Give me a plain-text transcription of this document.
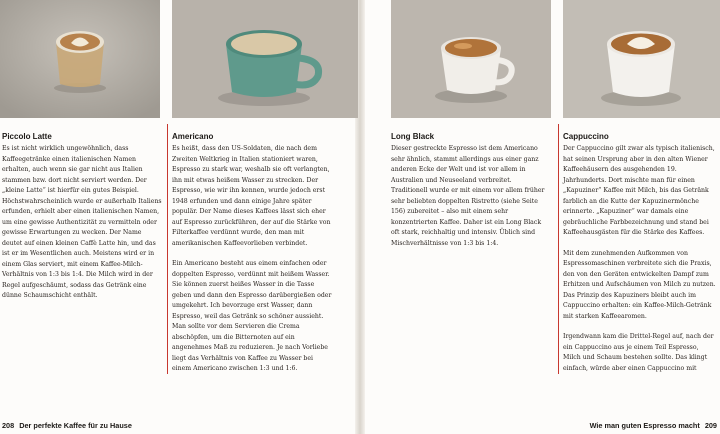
Piccolo Latte

Es ist nicht wirklich ungewöhnlich, dass Kaffeegetränke einen italienischen Namen erhalten, auch wenn sie gar nicht aus Italien stammen bzw. dort nicht serviert werden. Der „kleine Latte“ ist hierfür ein gutes Beispiel. Höchstwahrscheinlich wurde er außerhalb Italiens erfunden, erhielt aber einen italienischen Namen, um eine gewisse Authentizität zu vermitteln oder gewisse Erwartungen zu wecken. Der Name deutet auf einen kleinen Caffè Latte hin, und das ist er im Wesentlichen auch. Meistens wird er in einem Glas serviert, mit einem Kaffee-Milch-Verhältnis von 1:3 bis 1:4. Die Milch wird in der Regel aufgeschäumt, sodass das Getränk eine dünne Schaumschicht enthält.

Americano

Es heißt, dass den US-Soldaten, die nach dem Zweiten Weltkrieg in Italien stationiert waren, Espresso zu stark war, weshalb sie oft verlangten, ihn mit etwas heißem Wasser zu strecken. Der Espresso, wie wir ihn kennen, wurde jedoch erst 1948 erfunden und dann einige Jahre später populär. Der Name dieses Kaffees lässt sich eher auf Espresso zurückführen, der auf die Stärke von Filterkaffee verdünnt wurde, den man mit amerikanischen Kaffeevorlieben verbindet.

Ein Americano besteht aus einem einfachen oder doppelten Espresso, verdünnt mit heißem Wasser. Sie können zuerst heißes Wasser in die Tasse geben und dann den Espresso darübergießen oder umgekehrt. Ich bevorzuge erst Wasser, dann Espresso, weil das Getränk so schöner aussieht. Man sollte vor dem Servieren die Crema abschöpfen, um die Bitternoten auf ein angenehmes Maß zu reduzieren. Je nach Vorliebe liegt das Verhältnis von Kaffee zu Wasser bei einem Americano zwischen 1:3 und 1:6.

Long Black

Dieser gestreckte Espresso ist dem Americano sehr ähnlich, stammt allerdings aus einer ganz anderen Ecke der Welt und ist vor allem in Australien und Neuseeland verbreitet. Traditionell wurde er mit einem vor allem früher sehr beliebten doppelten Ristretto (siehe Seite 156) zubereitet – also mit einem sehr konzentrierten Kaffee. Daher ist ein Long Black oft stark, reichhaltig und intensiv. Üblich sind Mischverhältnisse von 1:3 bis 1:4.

Cappuccino

Der Cappuccino gilt zwar als typisch italienisch, hat seinen Ursprung aber in den alten Wiener Kaffeehäusern des ausgehenden 19. Jahrhunderts. Dort mischte man für einen „Kapuziner“ Kaffee mit Milch, bis das Getränk farblich an die Kutte der Kapuzinermönche erinnerte. „Kapuziner“ war damals eine gebräuchliche Farbbezeichnung und stand bei Kaffeehausgästen für die Stärke des Kaffees.

Mit dem zunehmenden Aufkommen von Espressomaschinen verbreitete sich die Praxis, den von den Geräten entwickelten Dampf zum Erhitzen und Aufschäumen von Milch zu nutzen. Das Prinzip des Kapuziners bleibt auch im Cappuccino erhalten: ein Kaffee-Milch-Getränk mit starken Kaffeearomen.

Irgendwann kam die Drittel-Regel auf, nach der ein Cappuccino aus je einem Teil Espresso, Milch und Schaum bestehen sollte. Das klingt einfach, würde aber einen Cappuccino mit

208 Der perfekte Kaffee für zu Hause	Wie man guten Espresso macht 209
